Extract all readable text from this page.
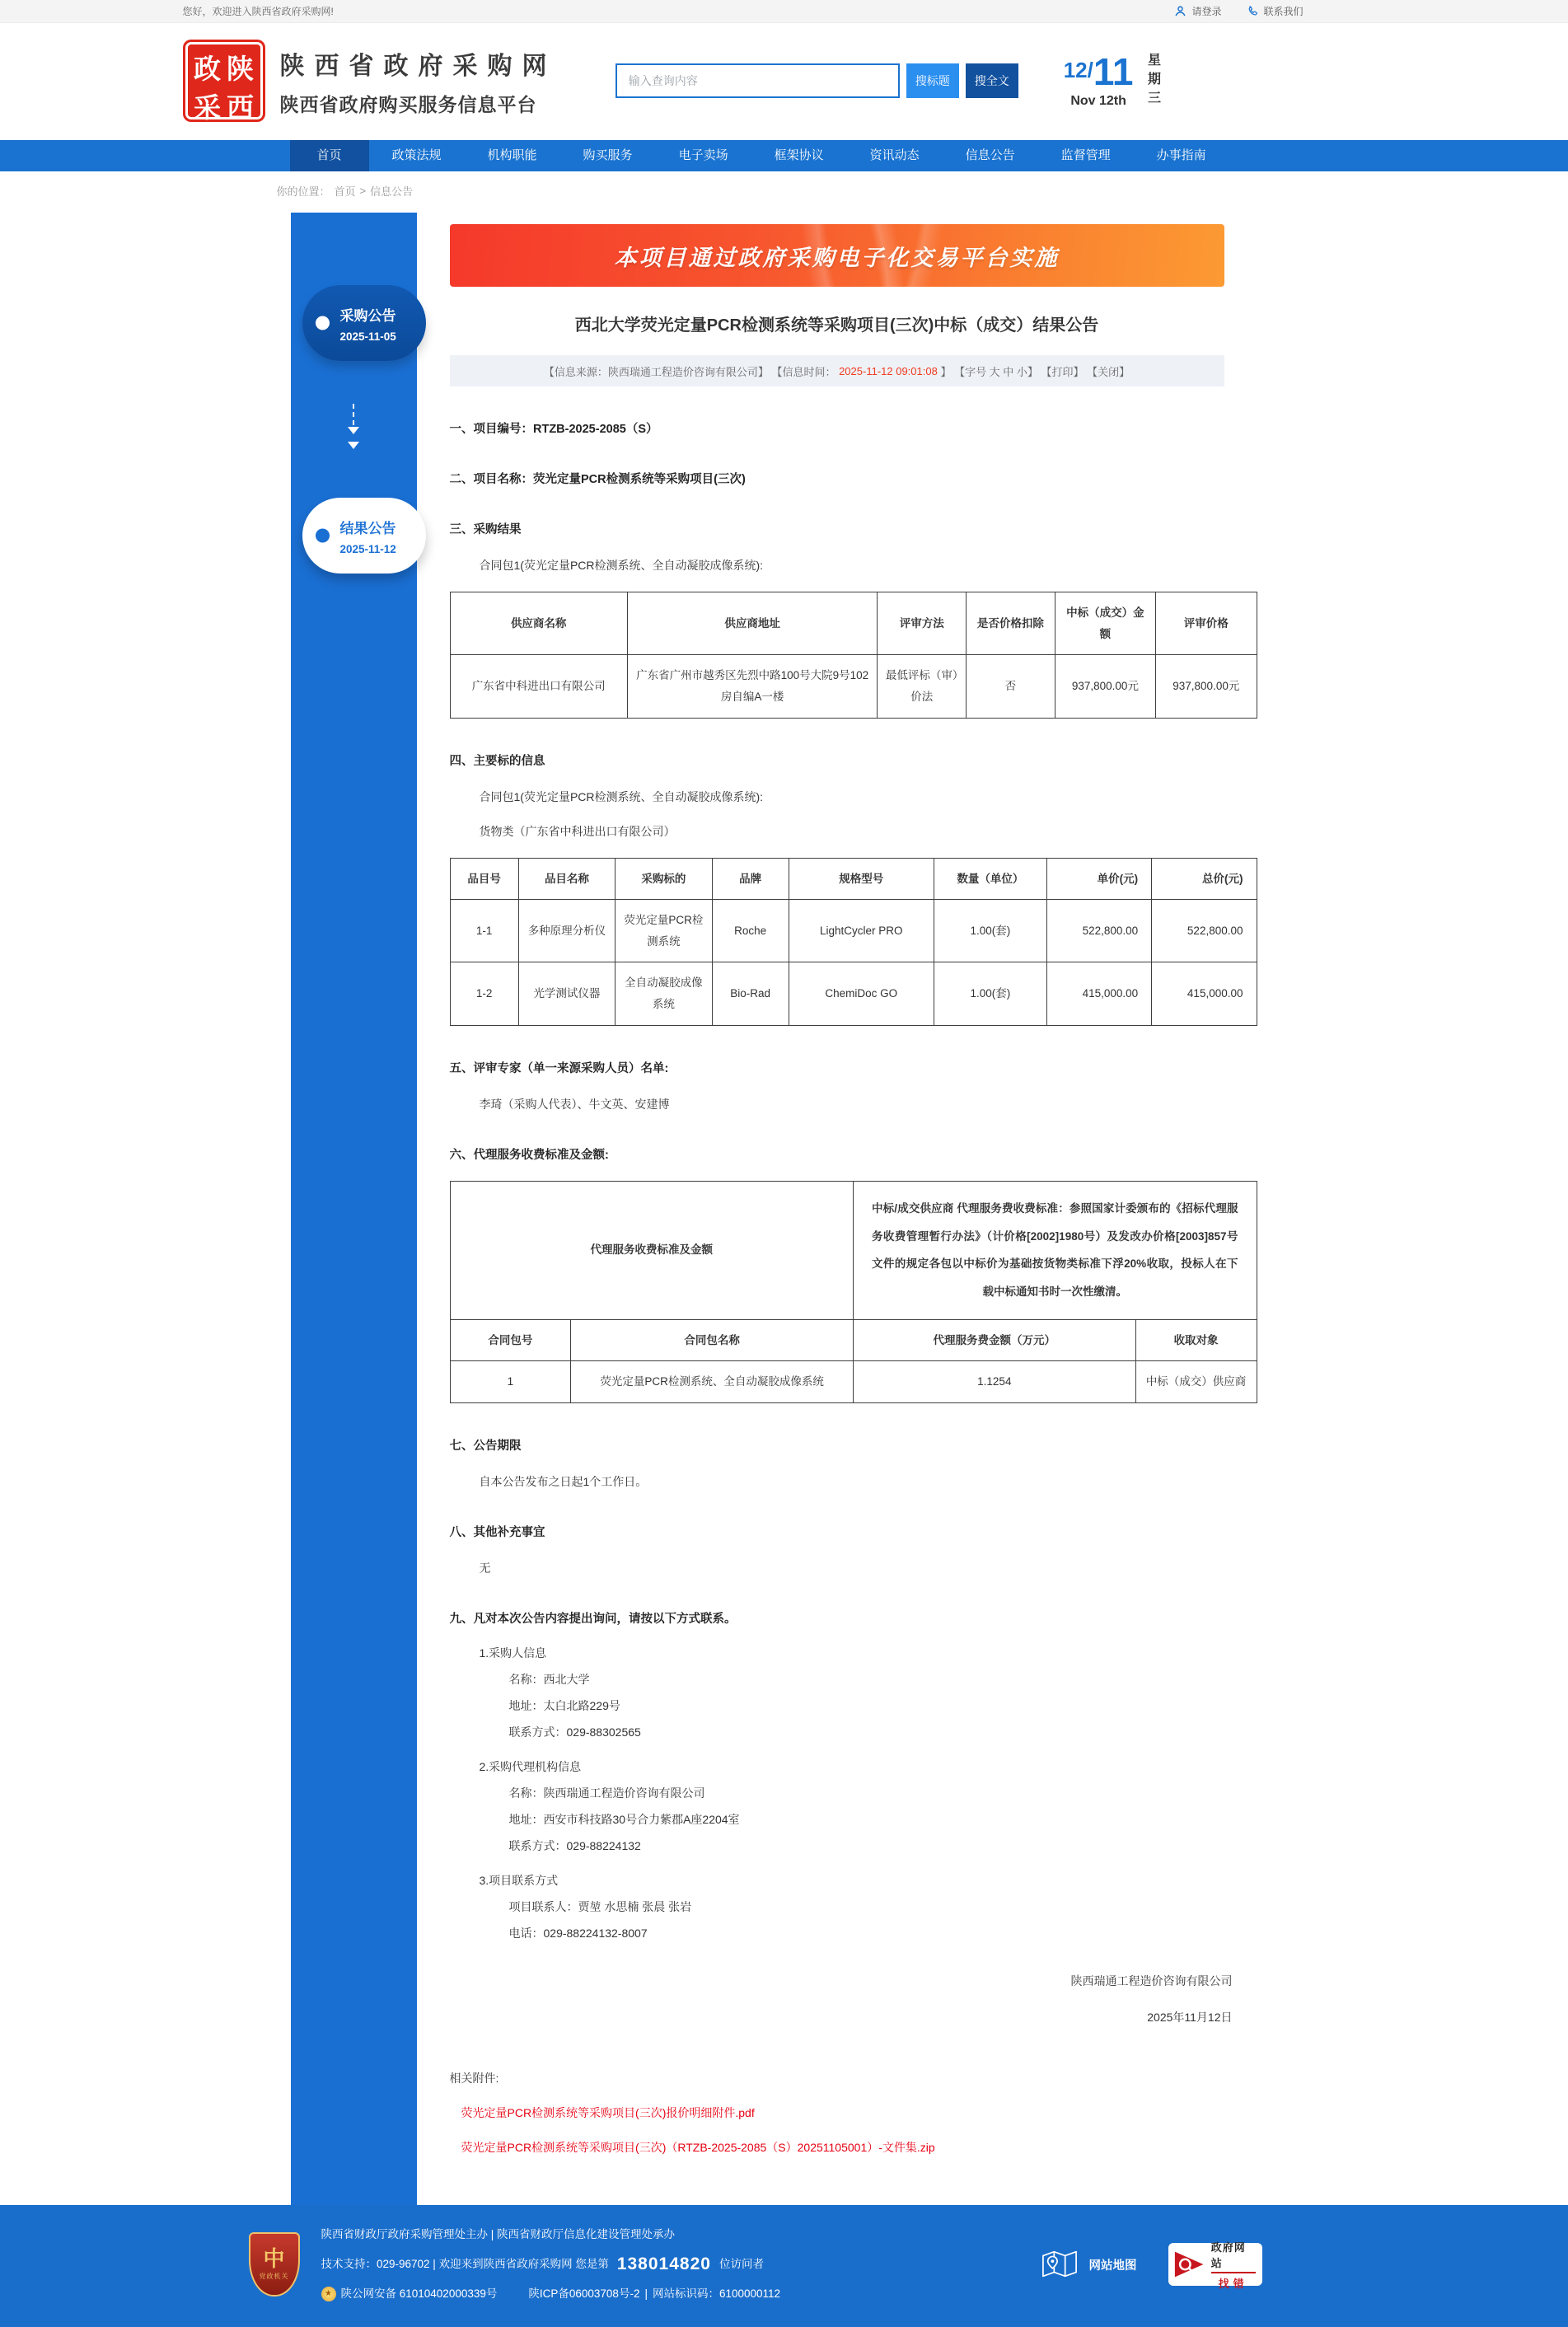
您好，欢迎进入陕西省政府采购网!	请登录	联系我们
政 陕
采 西
陕西省政府采购网
陕西省政府购买服务信息平台
输入查询内容
搜标题	搜全文	12/ 11
Nov 12th	星期三
首页	政策法规	机构职能	购买服务	电子卖场	框架协议	资讯动态	信息公告	监督管理	办事指南
你的位置： 首页 > 信息公告
采购公告
2025-11-05
结果公告
2025-11-12
本项目通过政府采购电子化交易平台实施
西北大学荧光定量PCR检测系统等采购项目(三次)中标（成交）结果公告
【信息来源：陕西瑞通工程造价咨询有限公司】 【信息时间： 2025-11-12 09:01:08 】 【字号 大 中 小】 【打印】 【关闭】
一、项目编号：RTZB-2025-2085（S）
二、项目名称：荧光定量PCR检测系统等采购项目(三次)
三、采购结果
合同包1(荧光定量PCR检测系统、全自动凝胶成像系统):
供应商名称	供应商地址	评审方法	是否价格扣除	中标（成交）金额	评审价格
广东省中科进出口有限公司	广东省广州市越秀区先烈中路100号大院9号102房自编A一楼	最低评标（审）价法	否	937,800.00元	937,800.00元
四、主要标的信息
合同包1(荧光定量PCR检测系统、全自动凝胶成像系统):
货物类（广东省中科进出口有限公司）
品目号	品目名称	采购标的	品牌	规格型号	数量（单位）	单价(元)	总价(元)
1-1	多种原理分析仪	荧光定量PCR检测系统	Roche	LightCycler PRO	1.00(套)	522,800.00	522,800.00
1-2	光学测试仪器	全自动凝胶成像系统	Bio-Rad	ChemiDoc GO	1.00(套)	415,000.00	415,000.00
五、评审专家（单一来源采购人员）名单:
李琦（采购人代表）、牛文英、安建博
六、代理服务收费标准及金额:
代理服务收费标准及金额		中标/成交供应商 代理服务费收费标准：参照国家计委颁布的《招标代理服务收费管理暂行办法》（计价格[2002]1980号）及发改办价格[2003]857号文件的规定各包以中标价为基础按货物类标准下浮20%收取，投标人在下载中标通知书时一次性缴清。	
合同包号	合同包名称	代理服务费金额（万元）	收取对象
1	荧光定量PCR检测系统、全自动凝胶成像系统	1.1254	中标（成交）供应商
七、公告期限
自本公告发布之日起1个工作日。
八、其他补充事宜
无
九、凡对本次公告内容提出询问，请按以下方式联系。
1.采购人信息
名称：西北大学
地址：太白北路229号
联系方式：029-88302565
2.采购代理机构信息
名称：陕西瑞通工程造价咨询有限公司
地址：西安市科技路30号合力紫郡A座2204室
联系方式：029-88224132
3.项目联系方式
项目联系人：贾堃 水思楠 张晨 张岩
电话：029-88224132-8007
陕西瑞通工程造价咨询有限公司
2025年11月12日
相关附件:
荧光定量PCR检测系统等采购项目(三次)报价明细附件.pdf
荧光定量PCR检测系统等采购项目(三次)（RTZB-2025-2085（S）20251105001）-文件集.zip
中
党政机关
陕西省财政厅政府采购管理处主办 | 陕西省财政厅信息化建设管理处承办
技术支持：029-96702 | 欢迎来到陕西省政府采购网 您是第 138014820 位访问者
★ 陕公网安备 61010402000339号	陕ICP备06003708号-2 | 网站标识码：6100000112
网站地图
政府网站
找错
